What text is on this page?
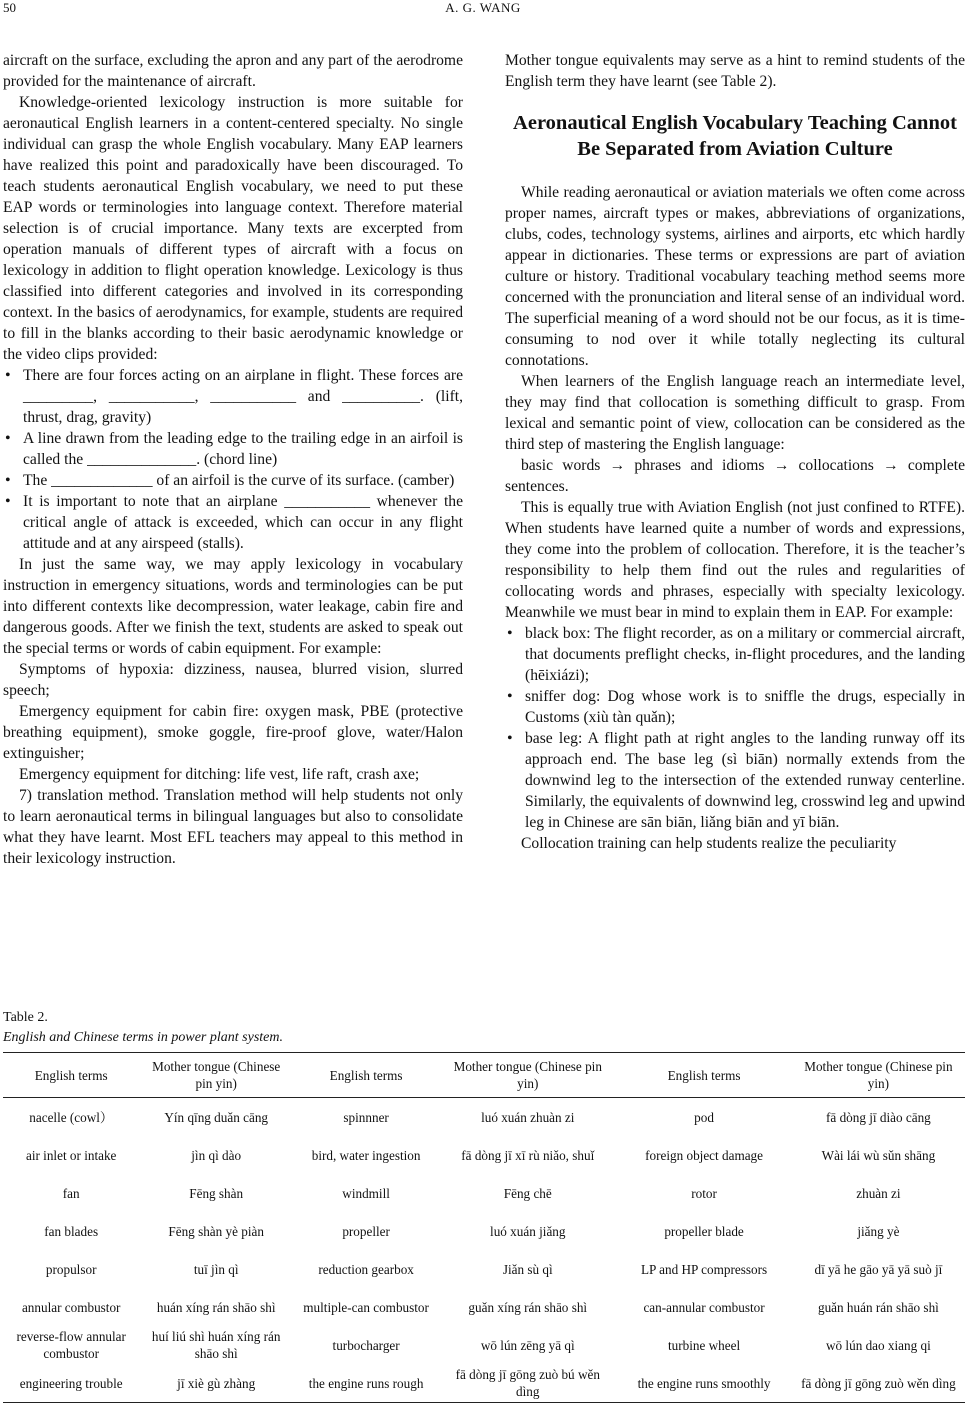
50	A. G. WANG

aircraft on the surface, excluding the apron and any part of the aerodrome provided for the maintenance of aircraft.

Knowledge-oriented lexicology instruction is more suitable for aeronautical English learners in a content-centered specialty. No single individual can grasp the whole English vocabulary. Many EAP learners have realized this point and paradoxically have been discouraged. To teach students aeronautical English vocabulary, we need to put these EAP words or terminologies into language context. Therefore material selection is of crucial importance. Many texts are excerpted from operation manuals of different types of aircraft with a focus on lexicology in addition to flight operation knowledge. Lexicology is thus classified into different categories and involved in its corresponding context. In the basics of aerodynamics, for example, students are required to fill in the blanks according to their basic aerodynamic knowledge or the video clips provided:

• There are four forces acting on an airplane in flight. These forces are _________, ___________, ___________ and __________. (lift, thrust, drag, gravity)
• A line drawn from the leading edge to the trailing edge in an airfoil is called the ______________. (chord line)
• The _____________ of an airfoil is the curve of its surface. (camber)
• It is important to note that an airplane ___________ whenever the critical angle of attack is exceeded, which can occur in any flight attitude and at any airspeed (stalls).

In just the same way, we may apply lexicology in vocabulary instruction in emergency situations, words and terminologies can be put into different contexts like decompression, water leakage, cabin fire and dangerous goods. After we finish the text, students are asked to speak out the special terms or words of cabin equipment. For example:

Symptoms of hypoxia: dizziness, nausea, blurred vision, slurred speech;

Emergency equipment for cabin fire: oxygen mask, PBE (protective breathing equipment), smoke goggle, fire-proof glove, water/Halon extinguisher;

Emergency equipment for ditching: life vest, life raft, crash axe;

7) translation method. Translation method will help students not only to learn aeronautical terms in bilingual languages but also to consolidate what they have learnt. Most EFL teachers may appeal to this method in their lexicology instruction.

Mother tongue equivalents may serve as a hint to remind students of the English term they have learnt (see Table 2).

Aeronautical English Vocabulary Teaching Cannot Be Separated from Aviation Culture

While reading aeronautical or aviation materials we often come across proper names, aircraft types or makes, abbreviations of organizations, clubs, codes, technology systems, airlines and airports, etc which hardly appear in dictionaries. These terms or expressions are part of aviation culture or history. Traditional vocabulary teaching method seems more concerned with the pronunciation and literal sense of an individual word. The superficial meaning of a word should not be our focus, as it is time-consuming to nod over it while totally neglecting its cultural connotations.

When learners of the English language reach an intermediate level, they may find that collocation is something difficult to grasp. From lexical and semantic point of view, collocation can be considered as the third step of mastering the English language:

basic words → phrases and idioms → collocations → complete sentences.

This is equally true with Aviation English (not just confined to RTFE). When students have learned quite a number of words and expressions, they come into the problem of collocation. Therefore, it is the teacher’s responsibility to help them find out the rules and regularities of collocating words and phrases, especially with specialty lexicology. Meanwhile we must bear in mind to explain them in EAP. For example:

• black box: The flight recorder, as on a military or commercial aircraft, that documents preflight checks, in-flight procedures, and the landing (hēixiázi);
• sniffer dog: Dog whose work is to sniffle the drugs, especially in Customs (xiù tàn quǎn);
• base leg: A flight path at right angles to the landing runway off its approach end. The base leg (sì biān) normally extends from the downwind leg to the intersection of the extended runway centerline. Similarly, the equivalents of downwind leg, crosswind leg and upwind leg in Chinese are sān biān, liǎng biān and yī biān.

Collocation training can help students realize the peculiarity

Table 2.
English and Chinese terms in power plant system.
English terms	Mother tongue (Chinese pin yin)	English terms	Mother tongue (Chinese pin yin)	English terms	Mother tongue (Chinese pin yin)
nacelle (cowl）	Yín qīng duǎn cāng	spinnner	luó xuán zhuàn zi	pod	fā dòng jī diào cāng
air inlet or intake	jìn qì dào	bird, water ingestion	fā dòng jī xī rù niǎo, shuǐ	foreign object damage	Wài lái wù sǔn shāng
fan	Fēng shàn	windmill	Fēng chē	rotor	zhuàn zi
fan blades	Fēng shàn yè piàn	propeller	luó xuán jiǎng	propeller blade	jiǎng yè
propulsor	tuī jìn qì	reduction gearbox	Jiǎn sù qì	LP and HP compressors	dī yā he gāo yā yā suò jī
annular combustor	huán xíng rán shāo shì	multiple-can combustor	guǎn xíng rán shāo shì	can-annular combustor	guǎn huán rán shāo shì
reverse-flow annular combustor	huí liú shì huán xíng rán shāo shì	turbocharger	wō lún zēng yā qì	turbine wheel	wō lún dao xiang qi
engineering trouble	jī xiè gù zhàng	the engine runs rough	fā dòng jī gōng zuò bú wěn dìng	the engine runs smoothly	fā dòng jī gōng zuò wěn dìng
